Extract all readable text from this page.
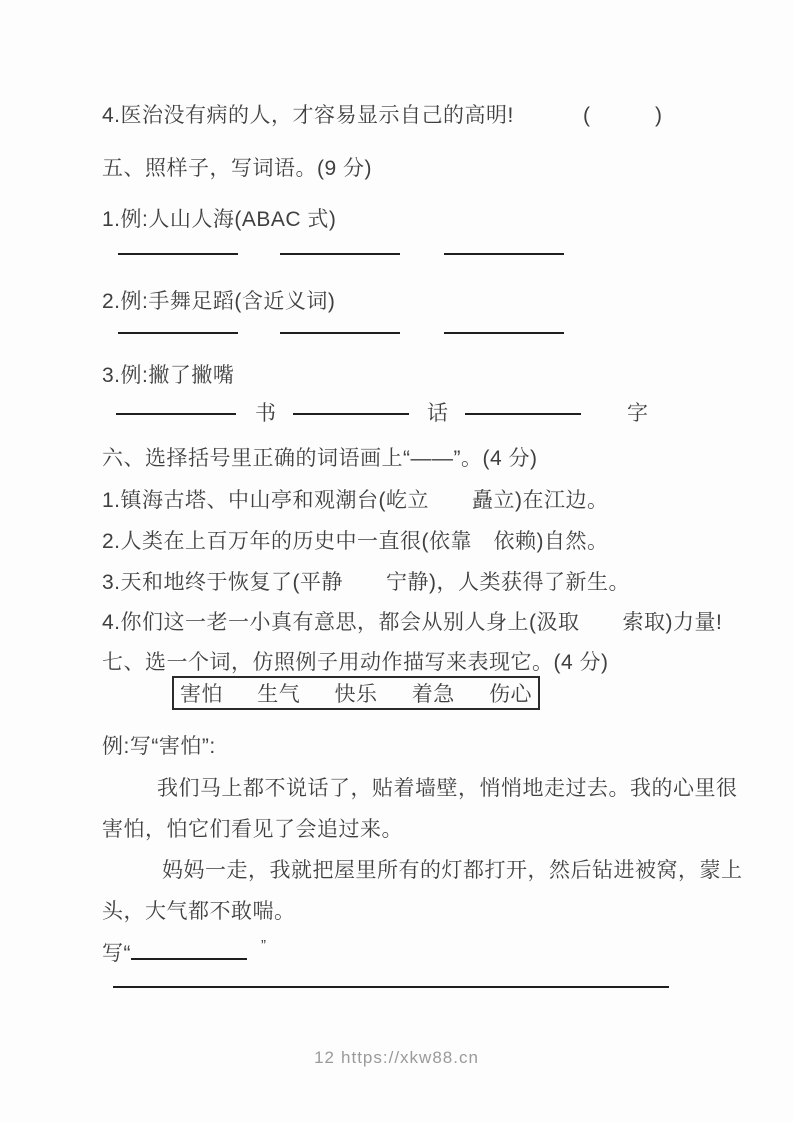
4.医治没有病的人，才容易显示自己的高明!	(　　　)
五、照样子，写词语。(9 分)
1.例:人山人海(ABAC 式)
2.例:手舞足蹈(含近义词)
3.例:撇了撇嘴
书	话	字
六、选择括号里正确的词语画上“——”。(4 分)
1.镇海古塔、中山亭和观潮台(屹立　　矗立)在江边。
2.人类在上百万年的历史中一直很(依靠　依赖)自然。
3.天和地终于恢复了(平静　　宁静)，人类获得了新生。
4.你们这一老一小真有意思，都会从别人身上(汲取　　索取)力量!
七、选一个词，仿照例子用动作描写来表现它。(4 分)
害怕 生气 快乐 着急 伤心
例:写“害怕”:
我们马上都不说话了，贴着墙壁，悄悄地走过去。我的心里很
害怕，怕它们看见了会追过来。
妈妈一走，我就把屋里所有的灯都打开，然后钻进被窝，蒙上
头，大气都不敢喘。
写“	”
12 https://xkw88.cn
